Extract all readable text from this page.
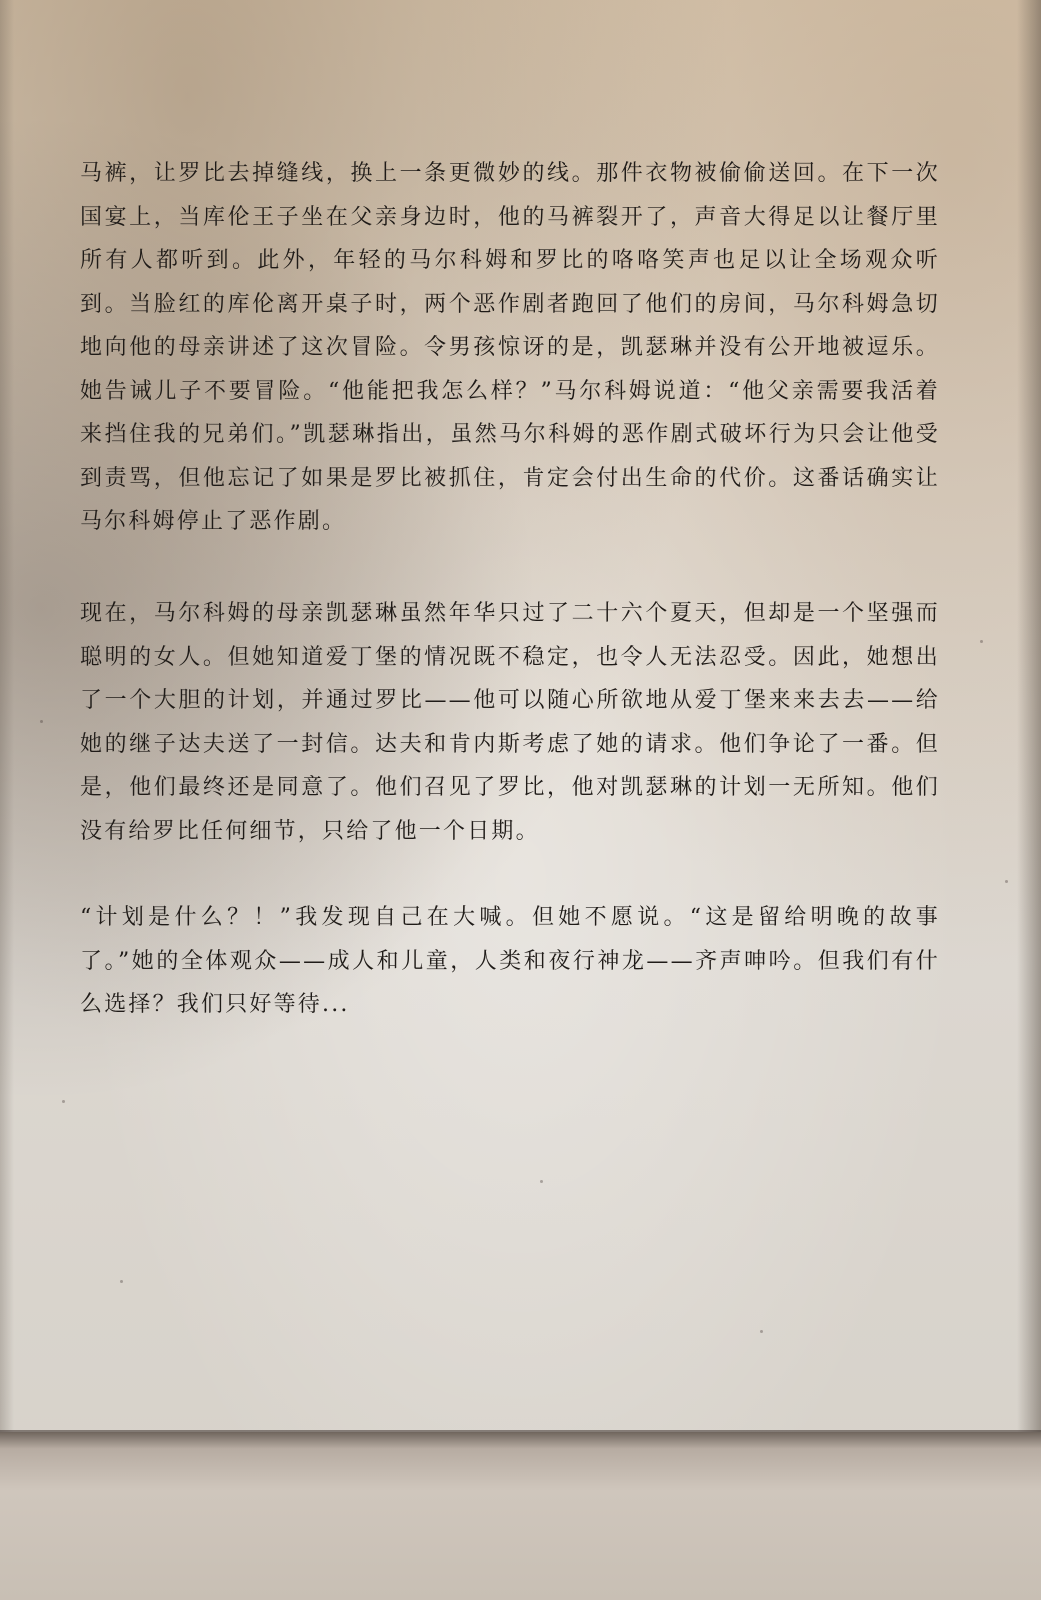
马裤，让罗比去掉缝线，换上一条更微妙的线。那件衣物被偷偷送回。在下一次国宴上，当库伦王子坐在父亲身边时，他的马裤裂开了，声音大得足以让餐厅里所有人都听到。此外，年轻的马尔科姆和罗比的咯咯笑声也足以让全场观众听到。当脸红的库伦离开桌子时，两个恶作剧者跑回了他们的房间，马尔科姆急切地向他的母亲讲述了这次冒险。令男孩惊讶的是，凯瑟琳并没有公开地被逗乐。她告诫儿子不要冒险。“他能把我怎么样？”马尔科姆说道：“他父亲需要我活着来挡住我的兄弟们。”凯瑟琳指出，虽然马尔科姆的恶作剧式破坏行为只会让他受到责骂，但他忘记了如果是罗比被抓住，肯定会付出生命的代价。这番话确实让马尔科姆停止了恶作剧。

现在，马尔科姆的母亲凯瑟琳虽然年华只过了二十六个夏天，但却是一个坚强而聪明的女人。但她知道爱丁堡的情况既不稳定，也令人无法忍受。因此，她想出了一个大胆的计划，并通过罗比——他可以随心所欲地从爱丁堡来来去去——给她的继子达夫送了一封信。达夫和肯内斯考虑了她的请求。他们争论了一番。但是，他们最终还是同意了。他们召见了罗比，他对凯瑟琳的计划一无所知。他们没有给罗比任何细节，只给了他一个日期。

“计划是什么？！”我发现自己在大喊。但她不愿说。“这是留给明晚的故事了。”她的全体观众——成人和儿童，人类和夜行神龙——齐声呻吟。但我们有什么选择？我们只好等待...
